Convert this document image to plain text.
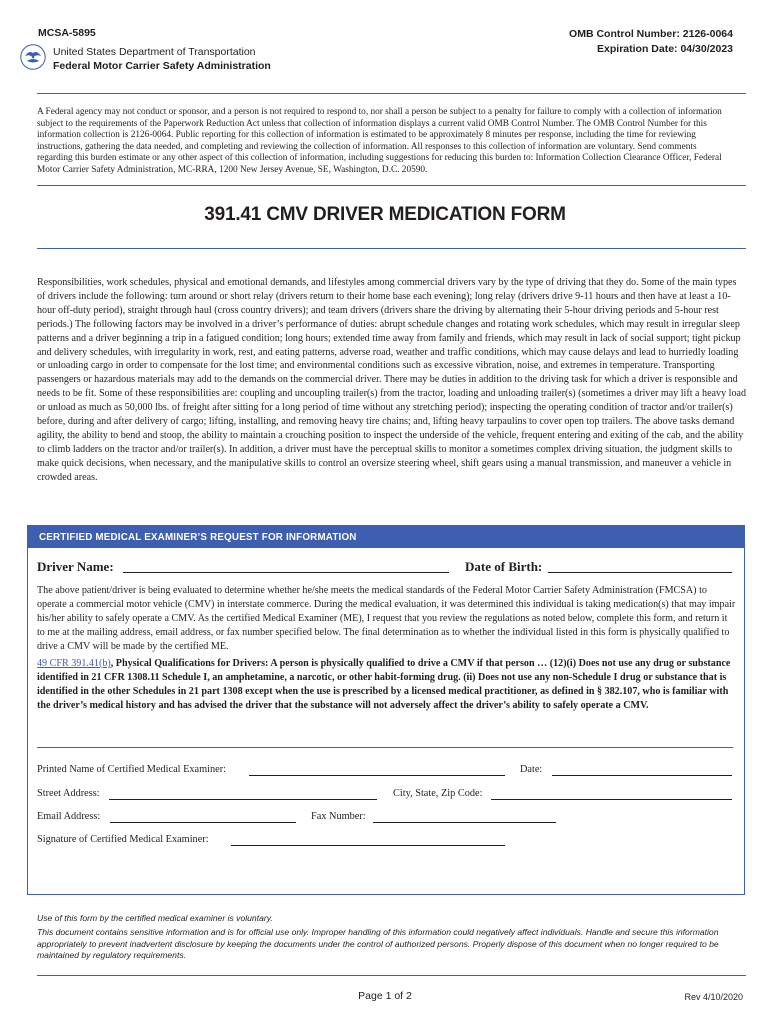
MCSA-5895	OMB Control Number: 2126-0064
Expiration Date: 04/30/2023
United States Department of Transportation
Federal Motor Carrier Safety Administration
A Federal agency may not conduct or sponsor, and a person is not required to respond to, nor shall a person be subject to a penalty for failure to comply with a collection of information subject to the requirements of the Paperwork Reduction Act unless that collection of information displays a current valid OMB Control Number. The OMB Control Number for this information collection is 2126-0064. Public reporting for this collection of information is estimated to be approximately 8 minutes per response, including the time for reviewing instructions, gathering the data needed, and completing and reviewing the collection of information. All responses to this collection of information are voluntary. Send comments regarding this burden estimate or any other aspect of this collection of information, including suggestions for reducing this burden to: Information Collection Clearance Officer, Federal Motor Carrier Safety Administration, MC-RRA, 1200 New Jersey Avenue, SE, Washington, D.C. 20590.
391.41 CMV DRIVER MEDICATION FORM
Responsibilities, work schedules, physical and emotional demands, and lifestyles among commercial drivers vary by the type of driving that they do. Some of the main types of drivers include the following: turn around or short relay (drivers return to their home base each evening); long relay (drivers drive 9-11 hours and then have at least a 10-hour off-duty period), straight through haul (cross country drivers); and team drivers (drivers share the driving by alternating their 5-hour driving periods and 5-hour rest periods.) The following factors may be involved in a driver’s performance of duties: abrupt schedule changes and rotating work schedules, which may result in irregular sleep patterns and a driver beginning a trip in a fatigued condition; long hours; extended time away from family and friends, which may result in lack of social support; tight pickup and delivery schedules, with irregularity in work, rest, and eating patterns, adverse road, weather and traffic conditions, which may cause delays and lead to hurriedly loading or unloading cargo in order to compensate for the lost time; and environmental conditions such as excessive vibration, noise, and extremes in temperature. Transporting passengers or hazardous materials may add to the demands on the commercial driver. There may be duties in addition to the driving task for which a driver is responsible and needs to be fit. Some of these responsibilities are: coupling and uncoupling trailer(s) from the tractor, loading and unloading trailer(s) (sometimes a driver may lift a heavy load or unload as much as 50,000 lbs. of freight after sitting for a long period of time without any stretching period); inspecting the operating condition of tractor and/or trailer(s) before, during and after delivery of cargo; lifting, installing, and removing heavy tire chains; and, lifting heavy tarpaulins to cover open top trailers. The above tasks demand agility, the ability to bend and stoop, the ability to maintain a crouching position to inspect the underside of the vehicle, frequent entering and exiting of the cab, and the ability to climb ladders on the tractor and/or trailer(s). In addition, a driver must have the perceptual skills to monitor a sometimes complex driving situation, the judgment skills to make quick decisions, when necessary, and the manipulative skills to control an oversize steering wheel, shift gears using a manual transmission, and maneuver a vehicle in crowded areas.
CERTIFIED MEDICAL EXAMINER’S REQUEST FOR INFORMATION
Driver Name:	Date of Birth:
The above patient/driver is being evaluated to determine whether he/she meets the medical standards of the Federal Motor Carrier Safety Administration (FMCSA) to operate a commercial motor vehicle (CMV) in interstate commerce. During the medical evaluation, it was determined this individual is taking medication(s) that may impair his/her ability to safely operate a CMV. As the certified Medical Examiner (ME), I request that you review the regulations as noted below, complete this form, and return it to me at the mailing address, email address, or fax number specified below. The final determination as to whether the individual listed in this form is physically qualified to drive a CMV will be made by the certified ME.
49 CFR 391.41(b), Physical Qualifications for Drivers: A person is physically qualified to drive a CMV if that person … (12)(i) Does not use any drug or substance identified in 21 CFR 1308.11 Schedule I, an amphetamine, a narcotic, or other habit-forming drug. (ii) Does not use any non-Schedule I drug or substance that is identified in the other Schedules in 21 part 1308 except when the use is prescribed by a licensed medical practitioner, as defined in § 382.107, who is familiar with the driver’s medical history and has advised the driver that the substance will not adversely affect the driver’s ability to safely operate a CMV.
Printed Name of Certified Medical Examiner:	Date:
Street Address:	City, State, Zip Code:
Email Address:	Fax Number:
Signature of Certified Medical Examiner:
Use of this form by the certified medical examiner is voluntary.
This document contains sensitive information and is for official use only. Improper handling of this information could negatively affect individuals. Handle and secure this information appropriately to prevent inadvertent disclosure by keeping the documents under the control of authorized persons. Properly dispose of this document when no longer required to be maintained by regulatory requirements.
Page 1 of 2	Rev 4/10/2020
